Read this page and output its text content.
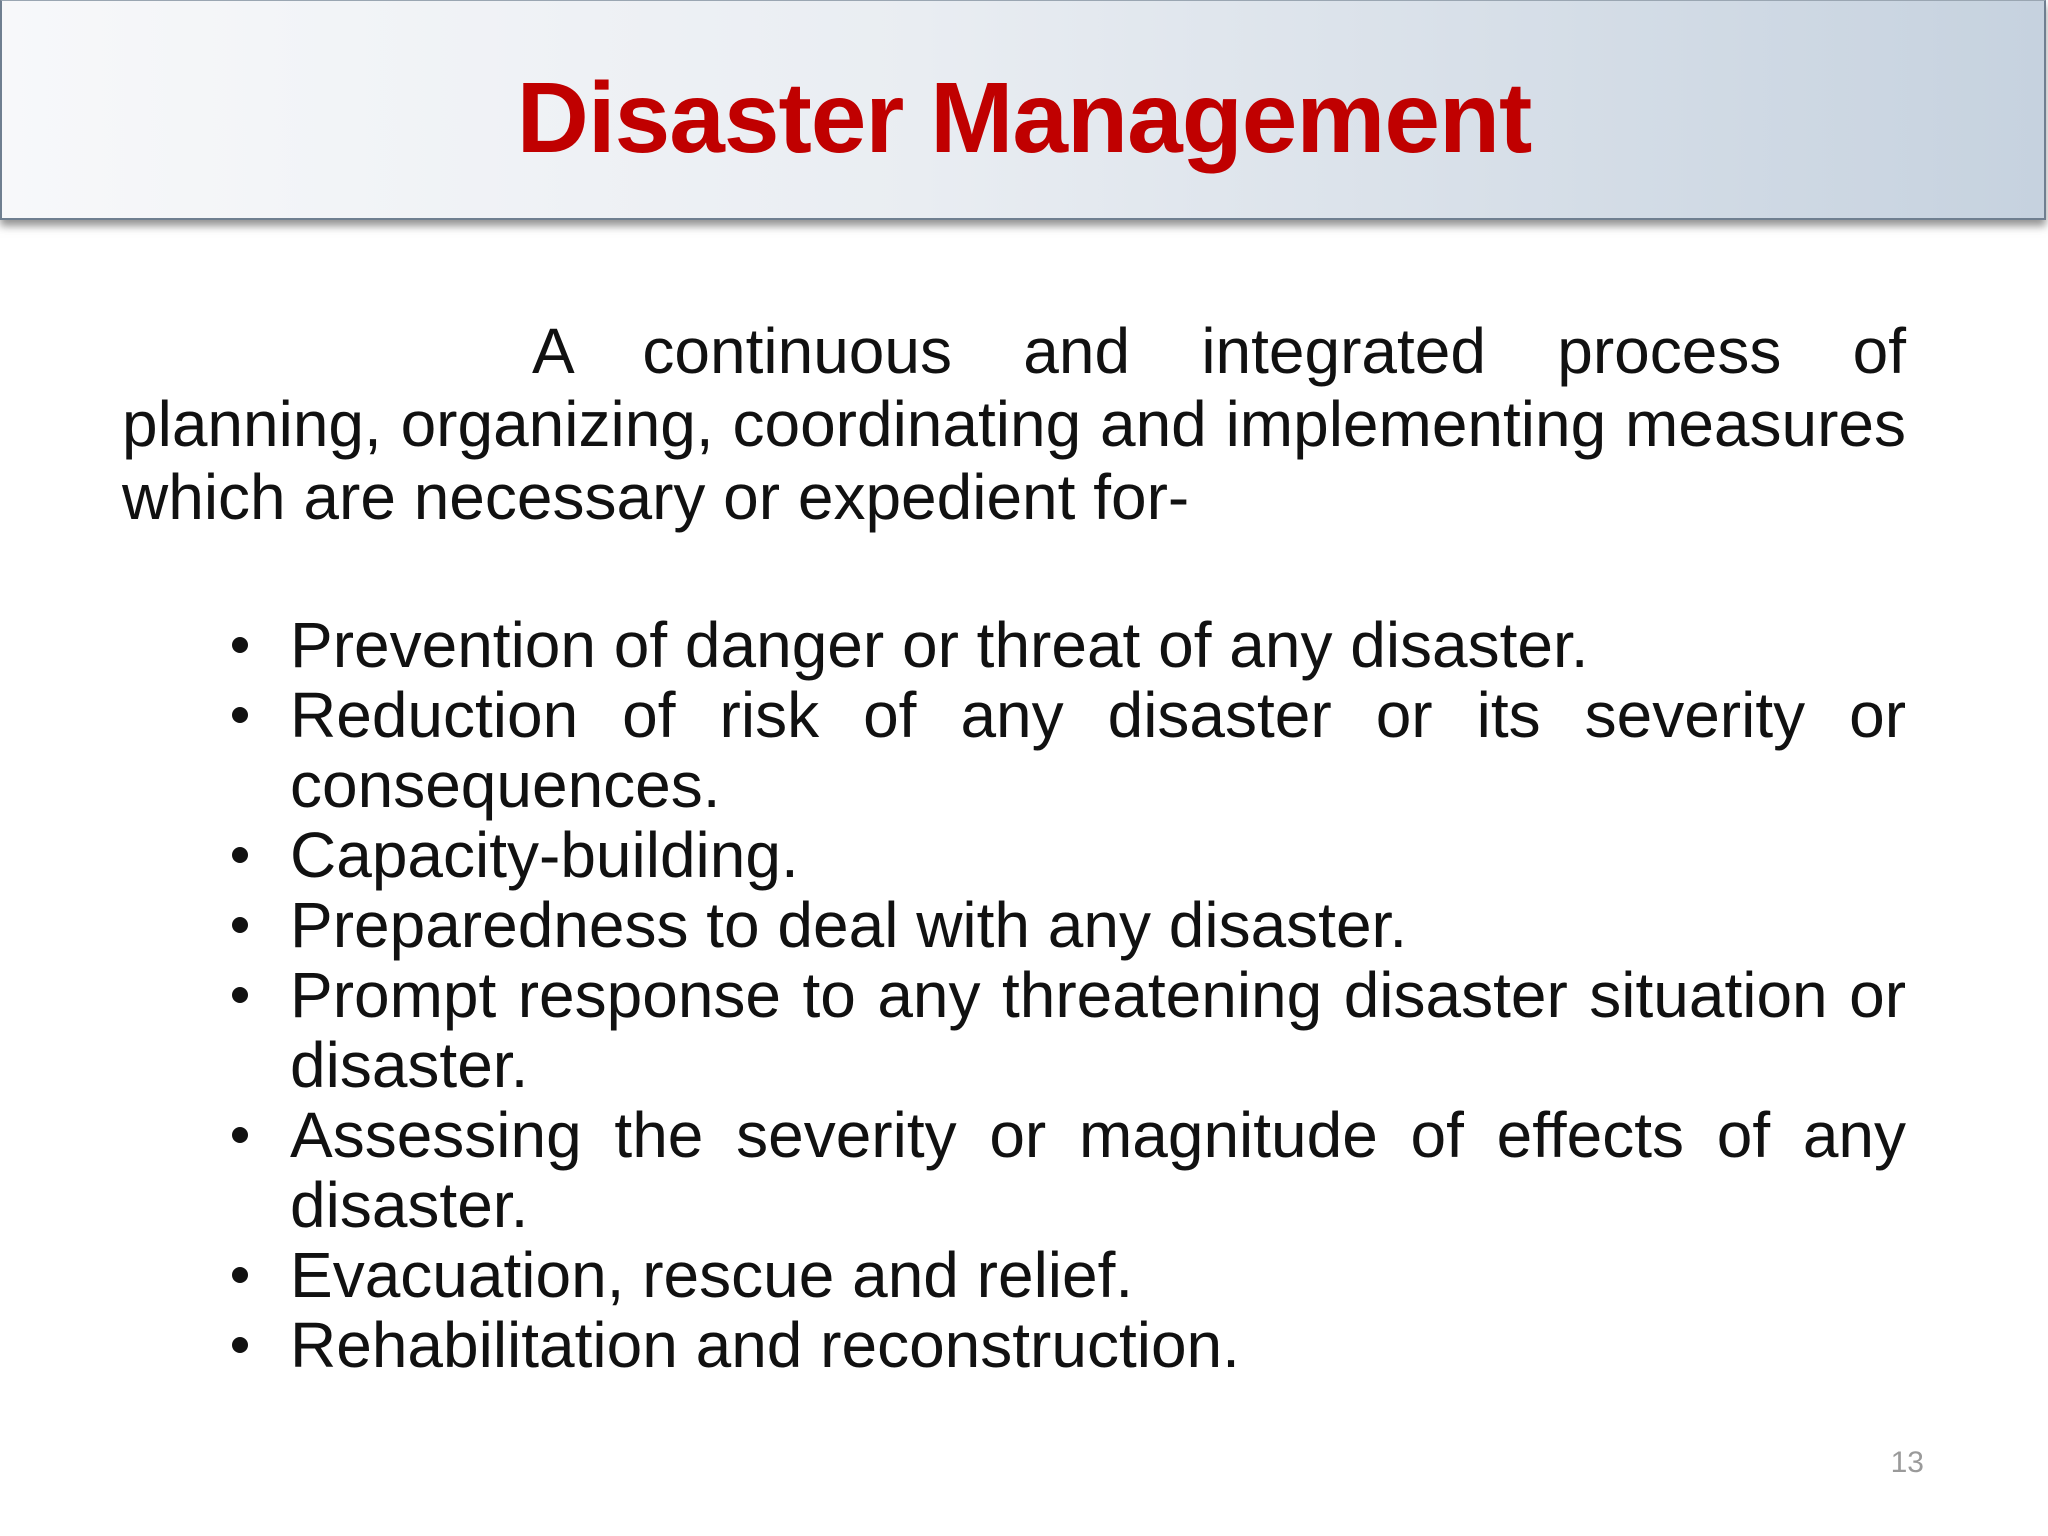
Disaster Management

A continuous and integrated process of planning, organizing, coordinating and implementing measures which are necessary or expedient for-

Prevention of danger or threat of any disaster.
Reduction of risk of any disaster or its severity or consequences.
Capacity-building.
Preparedness to deal with any disaster.
Prompt response to any threatening disaster situation or disaster.
Assessing the severity or magnitude of effects of any disaster.
Evacuation, rescue and relief.
Rehabilitation and reconstruction.

13
